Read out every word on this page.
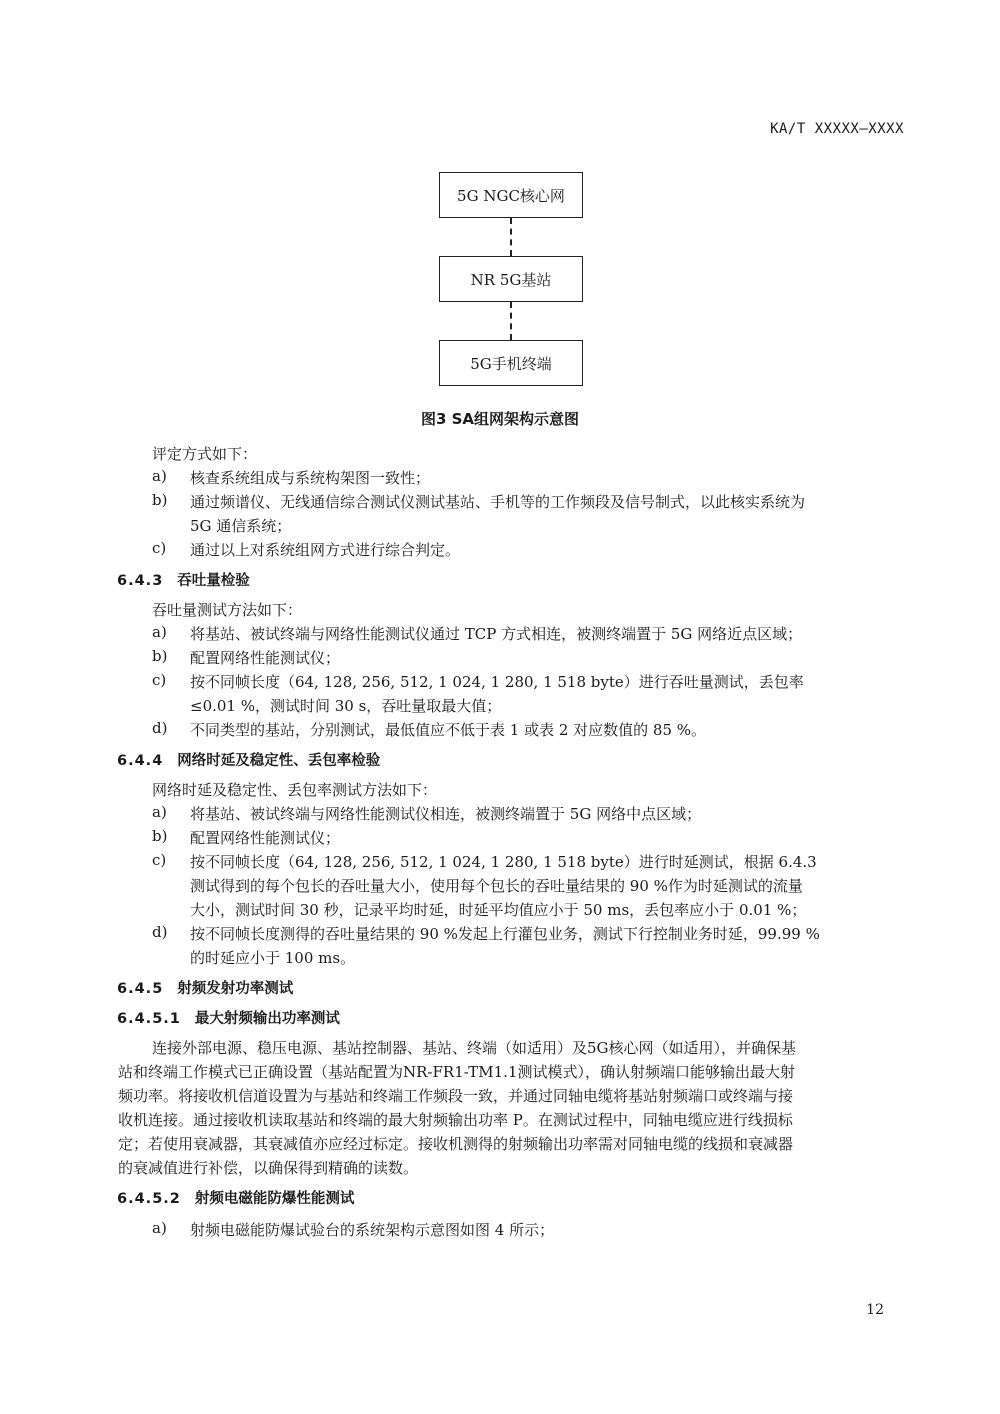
KA/T XXXXX—XXXX
5G NGC核心网
NR 5G基站
5G手机终端
图3 SA组网架构示意图
评定方式如下：
a) 核查系统组成与系统构架图一致性；
b) 通过频谱仪、无线通信综合测试仪测试基站、手机等的工作频段及信号制式，以此核实系统为
5G 通信系统；
c) 通过以上对系统组网方式进行综合判定。
6.4.3 吞吐量检验
吞吐量测试方法如下：
a) 将基站、被试终端与网络性能测试仪通过 TCP 方式相连，被测终端置于 5G 网络近点区域；
b) 配置网络性能测试仪；
c) 按不同帧长度（64, 128, 256, 512, 1 024, 1 280, 1 518 byte）进行吞吐量测试，丢包率
≤0.01 %，测试时间 30 s，吞吐量取最大值；
d) 不同类型的基站，分别测试，最低值应不低于表 1 或表 2 对应数值的 85 %。
6.4.4 网络时延及稳定性、丢包率检验
网络时延及稳定性、丢包率测试方法如下：
a) 将基站、被试终端与网络性能测试仪相连，被测终端置于 5G 网络中点区域；
b) 配置网络性能测试仪；
c) 按不同帧长度（64, 128, 256, 512, 1 024, 1 280, 1 518 byte）进行时延测试，根据 6.4.3
测试得到的每个包长的吞吐量大小，使用每个包长的吞吐量结果的 90 %作为时延测试的流量
大小，测试时间 30 秒，记录平均时延，时延平均值应小于 50 ms，丢包率应小于 0.01 %；
d) 按不同帧长度测得的吞吐量结果的 90 %发起上行灌包业务，测试下行控制业务时延，99.99 %
的时延应小于 100 ms。
6.4.5 射频发射功率测试
6.4.5.1 最大射频输出功率测试
连接外部电源、稳压电源、基站控制器、基站、终端（如适用）及5G核心网（如适用），并确保基
站和终端工作模式已正确设置（基站配置为NR-FR1-TM1.1测试模式），确认射频端口能够输出最大射
频功率。将接收机信道设置为与基站和终端工作频段一致，并通过同轴电缆将基站射频端口或终端与接
收机连接。通过接收机读取基站和终端的最大射频输出功率 P。在测试过程中，同轴电缆应进行线损标
定；若使用衰减器，其衰减值亦应经过标定。接收机测得的射频输出功率需对同轴电缆的线损和衰减器
的衰减值进行补偿，以确保得到精确的读数。
6.4.5.2 射频电磁能防爆性能测试
a) 射频电磁能防爆试验台的系统架构示意图如图 4 所示；
12
